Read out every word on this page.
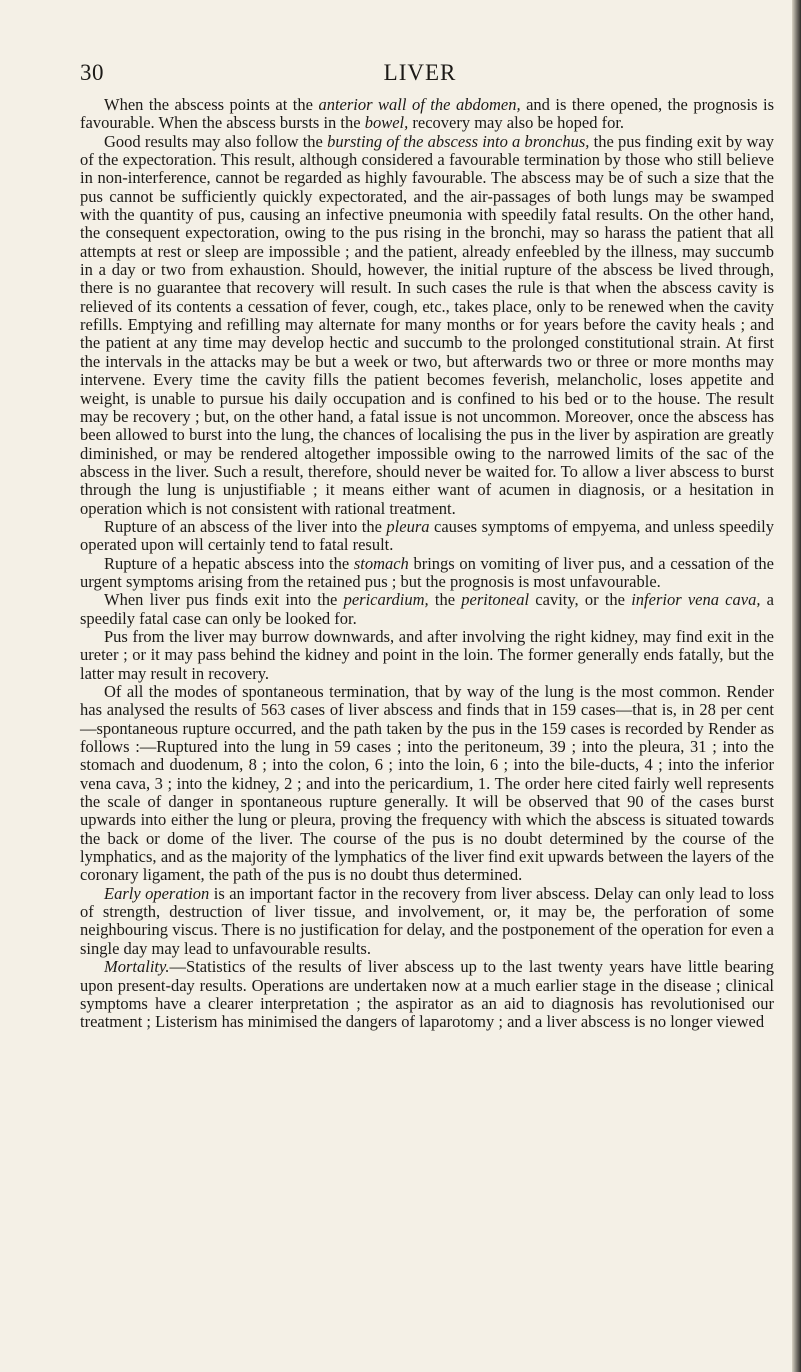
30	LIVER

When the abscess points at the anterior wall of the abdomen, and is there opened, the prognosis is favourable. When the abscess bursts in the bowel, recovery may also be hoped for.

Good results may also follow the bursting of the abscess into a bronchus, the pus finding exit by way of the expectoration. This result, although considered a favourable termination by those who still believe in non-interference, cannot be regarded as highly favourable. The abscess may be of such a size that the pus cannot be sufficiently quickly expectorated, and the air-passages of both lungs may be swamped with the quantity of pus, causing an infective pneumonia with speedily fatal results. On the other hand, the consequent expectoration, owing to the pus rising in the bronchi, may so harass the patient that all attempts at rest or sleep are impossible ; and the patient, already enfeebled by the illness, may succumb in a day or two from exhaustion. Should, however, the initial rupture of the abscess be lived through, there is no guarantee that recovery will result. In such cases the rule is that when the abscess cavity is relieved of its contents a cessation of fever, cough, etc., takes place, only to be renewed when the cavity refills. Emptying and refilling may alternate for many months or for years before the cavity heals ; and the patient at any time may develop hectic and succumb to the prolonged constitutional strain. At first the intervals in the attacks may be but a week or two, but afterwards two or three or more months may intervene. Every time the cavity fills the patient becomes feverish, melancholic, loses appetite and weight, is unable to pursue his daily occupation and is confined to his bed or to the house. The result may be recovery ; but, on the other hand, a fatal issue is not uncommon. Moreover, once the abscess has been allowed to burst into the lung, the chances of localising the pus in the liver by aspiration are greatly diminished, or may be rendered altogether impossible owing to the narrowed limits of the sac of the abscess in the liver. Such a result, therefore, should never be waited for. To allow a liver abscess to burst through the lung is unjustifiable ; it means either want of acumen in diagnosis, or a hesitation in operation which is not consistent with rational treatment.

Rupture of an abscess of the liver into the pleura causes symptoms of empyema, and unless speedily operated upon will certainly tend to fatal result.

Rupture of a hepatic abscess into the stomach brings on vomiting of liver pus, and a cessation of the urgent symptoms arising from the retained pus ; but the prognosis is most unfavourable.

When liver pus finds exit into the pericardium, the peritoneal cavity, or the inferior vena cava, a speedily fatal case can only be looked for.

Pus from the liver may burrow downwards, and after involving the right kidney, may find exit in the ureter ; or it may pass behind the kidney and point in the loin. The former generally ends fatally, but the latter may result in recovery.

Of all the modes of spontaneous termination, that by way of the lung is the most common. Render has analysed the results of 563 cases of liver abscess and finds that in 159 cases—that is, in 28 per cent—spontaneous rupture occurred, and the path taken by the pus in the 159 cases is recorded by Render as follows :—Ruptured into the lung in 59 cases ; into the peritoneum, 39 ; into the pleura, 31 ; into the stomach and duodenum, 8 ; into the colon, 6 ; into the loin, 6 ; into the bile-ducts, 4 ; into the inferior vena cava, 3 ; into the kidney, 2 ; and into the pericardium, 1. The order here cited fairly well represents the scale of danger in spontaneous rupture generally. It will be observed that 90 of the cases burst upwards into either the lung or pleura, proving the frequency with which the abscess is situated towards the back or dome of the liver. The course of the pus is no doubt determined by the course of the lymphatics, and as the majority of the lymphatics of the liver find exit upwards between the layers of the coronary ligament, the path of the pus is no doubt thus determined.

Early operation is an important factor in the recovery from liver abscess. Delay can only lead to loss of strength, destruction of liver tissue, and involvement, or, it may be, the perforation of some neighbouring viscus. There is no justification for delay, and the postponement of the operation for even a single day may lead to unfavourable results.

Mortality.—Statistics of the results of liver abscess up to the last twenty years have little bearing upon present-day results. Operations are undertaken now at a much earlier stage in the disease ; clinical symptoms have a clearer interpretation ; the aspirator as an aid to diagnosis has revolutionised our treatment ; Listerism has minimised the dangers of laparotomy ; and a liver abscess is no longer viewed
